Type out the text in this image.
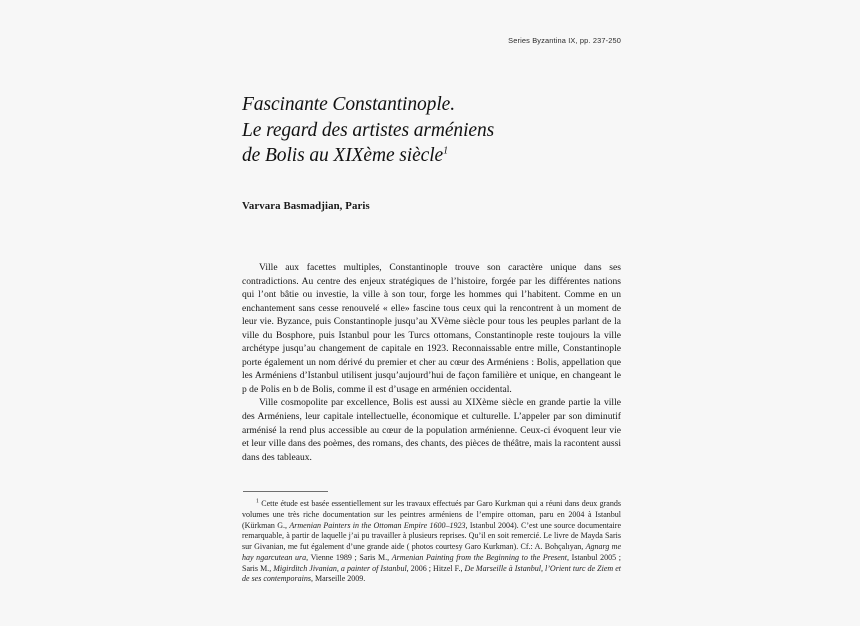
Series Byzantina IX, pp. 237-250
Fascinante Constantinople.
Le regard des artistes arméniens
de Bolis au XIXème siècle$^1$
Varvara Basmadjian, Paris

Ville aux facettes multiples, Constantinople trouve son caractère unique dans ses contradictions. Au centre des enjeux stratégiques de l’histoire, forgée par les différentes nations qui l’ont bâtie ou investie, la ville à son tour, forge les hommes qui l’habitent. Comme en un enchantement sans cesse renouvelé « elle» fascine tous ceux qui la rencontrent à un moment de leur vie. Byzance, puis Constantinople jusqu’au XVème siècle pour tous les peuples parlant de la ville du Bosphore, puis Istanbul pour les Turcs ottomans, Constantinople reste toujours la ville archétype jusqu’au changement de capitale en 1923. Reconnaissable entre mille, Constantinople porte également un nom dérivé du premier et cher au cœur des Arméniens : Bolis, appellation que les Arméniens d’Istanbul utilisent jusqu’aujourd’hui de façon familière et unique, en changeant le p de Polis en b de Bolis, comme il est d’usage en arménien occidental.

Ville cosmopolite par excellence, Bolis est aussi au XIXème siècle en grande partie la ville des Arméniens, leur capitale intellectuelle, économique et culturelle. L’appeler par son diminutif arménisé la rend plus accessible au cœur de la population arménienne. Ceux-ci évoquent leur vie et leur ville dans des poèmes, des romans, des chants, des pièces de théâtre, mais la racontent aussi dans des tableaux.

$^1$ Cette étude est basée essentiellement sur les travaux effectués par Garo Kurkman qui a réuni dans deux grands volumes une très riche documentation sur les peintres arméniens de l’empire ottoman, paru en 2004 à Istanbul (Kürkman G., Armenian Painters in the Ottoman Empire 1600–1923, Istanbul 2004). C’est une source documentaire remarquable, à partir de laquelle j’ai pu travailler à plusieurs reprises. Qu’il en soit remercié. Le livre de Mayda Saris sur Givanian, me fut également d’une grande aide ( photos courtesy Garo Kurkman). Cf.: A. Bohçalıyan, Agnarg me hay ngarcutean ura, Vienne 1989 ; Saris M., Armenian Painting from the Beginning to the Present, Istanbul 2005 ; Saris M., Migirditch Jivanian, a painter of Istanbul, 2006 ; Hitzel F., De Marseille à Istanbul, l’Orient turc de Ziem et de ses contemporains, Marseille 2009.
